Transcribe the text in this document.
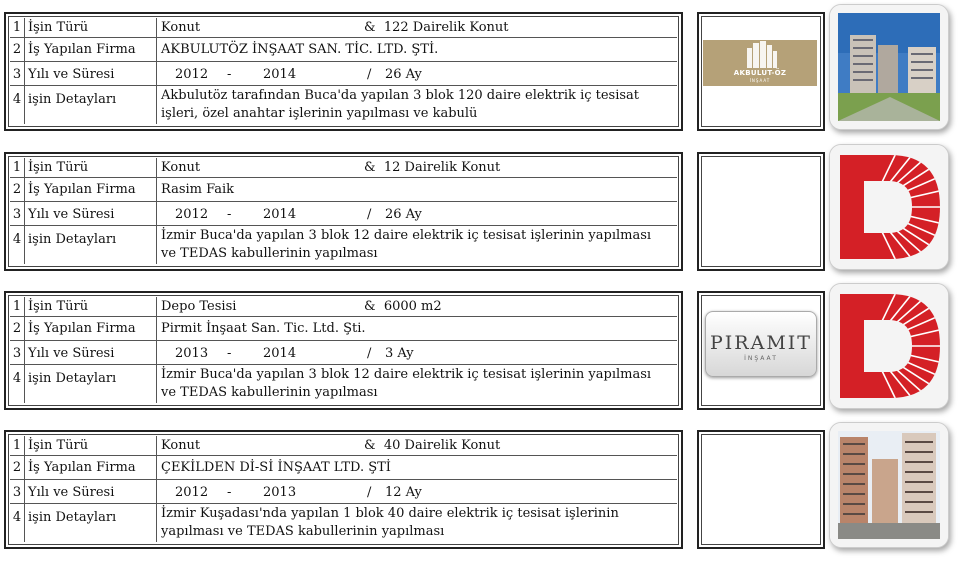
1 İşin Türü	Konut	& 122 Dairelik Konut
2 İş Yapılan Firma	AKBULUTÖZ İNŞAAT SAN. TİC. LTD. ŞTİ.
3 Yılı ve Süresi	2012 - 2014	/ 26 Ay
4 işin Detayları	Akbulutöz tarafından Buca'da yapılan 3 blok 120 daire elektrik iç tesisat işleri, özel anahtar işlerinin yapılması ve kabulü
AKBULUT-ÖZ
İNŞAAT
1 İşin Türü	Konut	& 12 Dairelik Konut
2 İş Yapılan Firma	Rasim Faik
3 Yılı ve Süresi	2012 - 2014	/ 26 Ay
4 işin Detayları	İzmir Buca'da yapılan 3 blok 12 daire elektrik iç tesisat işlerinin yapılması ve TEDAS kabullerinin yapılması
1 İşin Türü	Depo Tesisi	& 6000 m2
2 İş Yapılan Firma	Pirmit İnşaat San. Tic. Ltd. Şti.
3 Yılı ve Süresi	2013 - 2014	/ 3 Ay
4 işin Detayları	İzmir Buca'da yapılan 3 blok 12 daire elektrik iç tesisat işlerinin yapılması ve TEDAS kabullerinin yapılması
PIRAMIT
İNŞAAT
1 İşin Türü	Konut	& 40 Dairelik Konut
2 İş Yapılan Firma	ÇEKİLDEN Dİ-Sİ İNŞAAT LTD. ŞTİ
3 Yılı ve Süresi	2012 - 2013	/ 12 Ay
4 işin Detayları	İzmir Kuşadası'nda yapılan 1 blok 40 daire elektrik iç tesisat işlerinin yapılması ve TEDAS kabullerinin yapılması
